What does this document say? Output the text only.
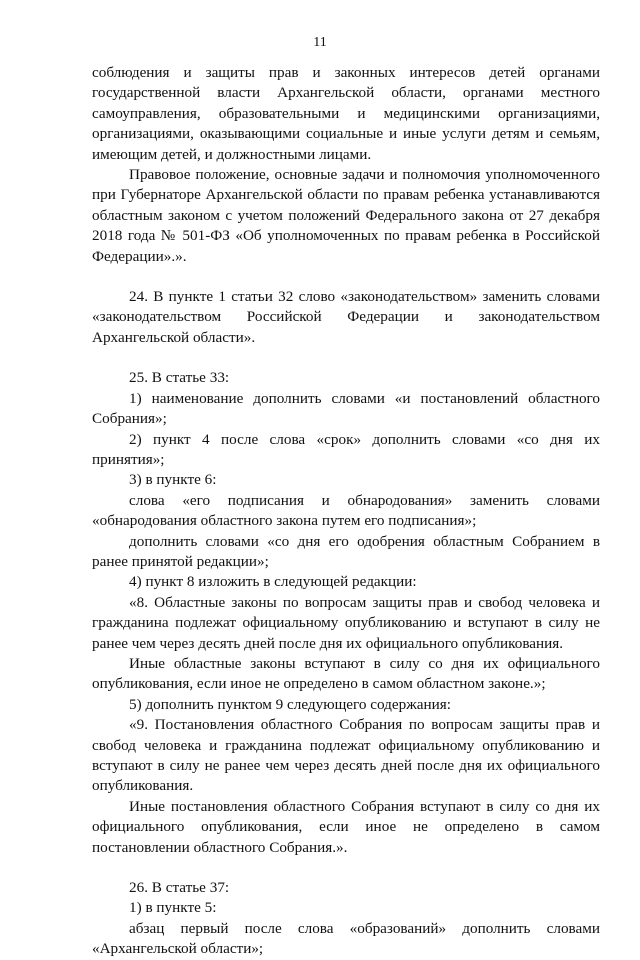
11

соблюдения и защиты прав и законных интересов детей органами государственной власти Архангельской области, органами местного самоуправления, образовательными и медицинскими организациями, организациями, оказывающими социальные и иные услуги детям и семьям, имеющим детей, и должностными лицами.

Правовое положение, основные задачи и полномочия уполномоченного при Губернаторе Архангельской области по правам ребенка устанавливаются областным законом с учетом положений Федерального закона от 27 декабря 2018 года № 501-ФЗ «Об уполномоченных по правам ребенка в Российской Федерации».».

24. В пункте 1 статьи 32 слово «законодательством» заменить словами «законодательством Российской Федерации и законодательством Архангельской области».

25. В статье 33:

1) наименование дополнить словами «и постановлений областного Собрания»;

2) пункт 4 после слова «срок» дополнить словами «со дня их принятия»;

3) в пункте 6:

слова «его подписания и обнародования» заменить словами «обнародования областного закона путем его подписания»;

дополнить словами «со дня его одобрения областным Собранием в ранее принятой редакции»;

4) пункт 8 изложить в следующей редакции:

«8. Областные законы по вопросам защиты прав и свобод человека и гражданина подлежат официальному опубликованию и вступают в силу не ранее чем через десять дней после дня их официального опубликования.

Иные областные законы вступают в силу со дня их официального опубликования, если иное не определено в самом областном законе.»;

5) дополнить пунктом 9 следующего содержания:

«9. Постановления областного Собрания по вопросам защиты прав и свобод человека и гражданина подлежат официальному опубликованию и вступают в силу не ранее чем через десять дней после дня их официального опубликования.

Иные постановления областного Собрания вступают в силу со дня их официального опубликования, если иное не определено в самом постановлении областного Собрания.».

26. В статье 37:

1) в пункте 5:

абзац первый после слова «образований» дополнить словами «Архангельской области»;
